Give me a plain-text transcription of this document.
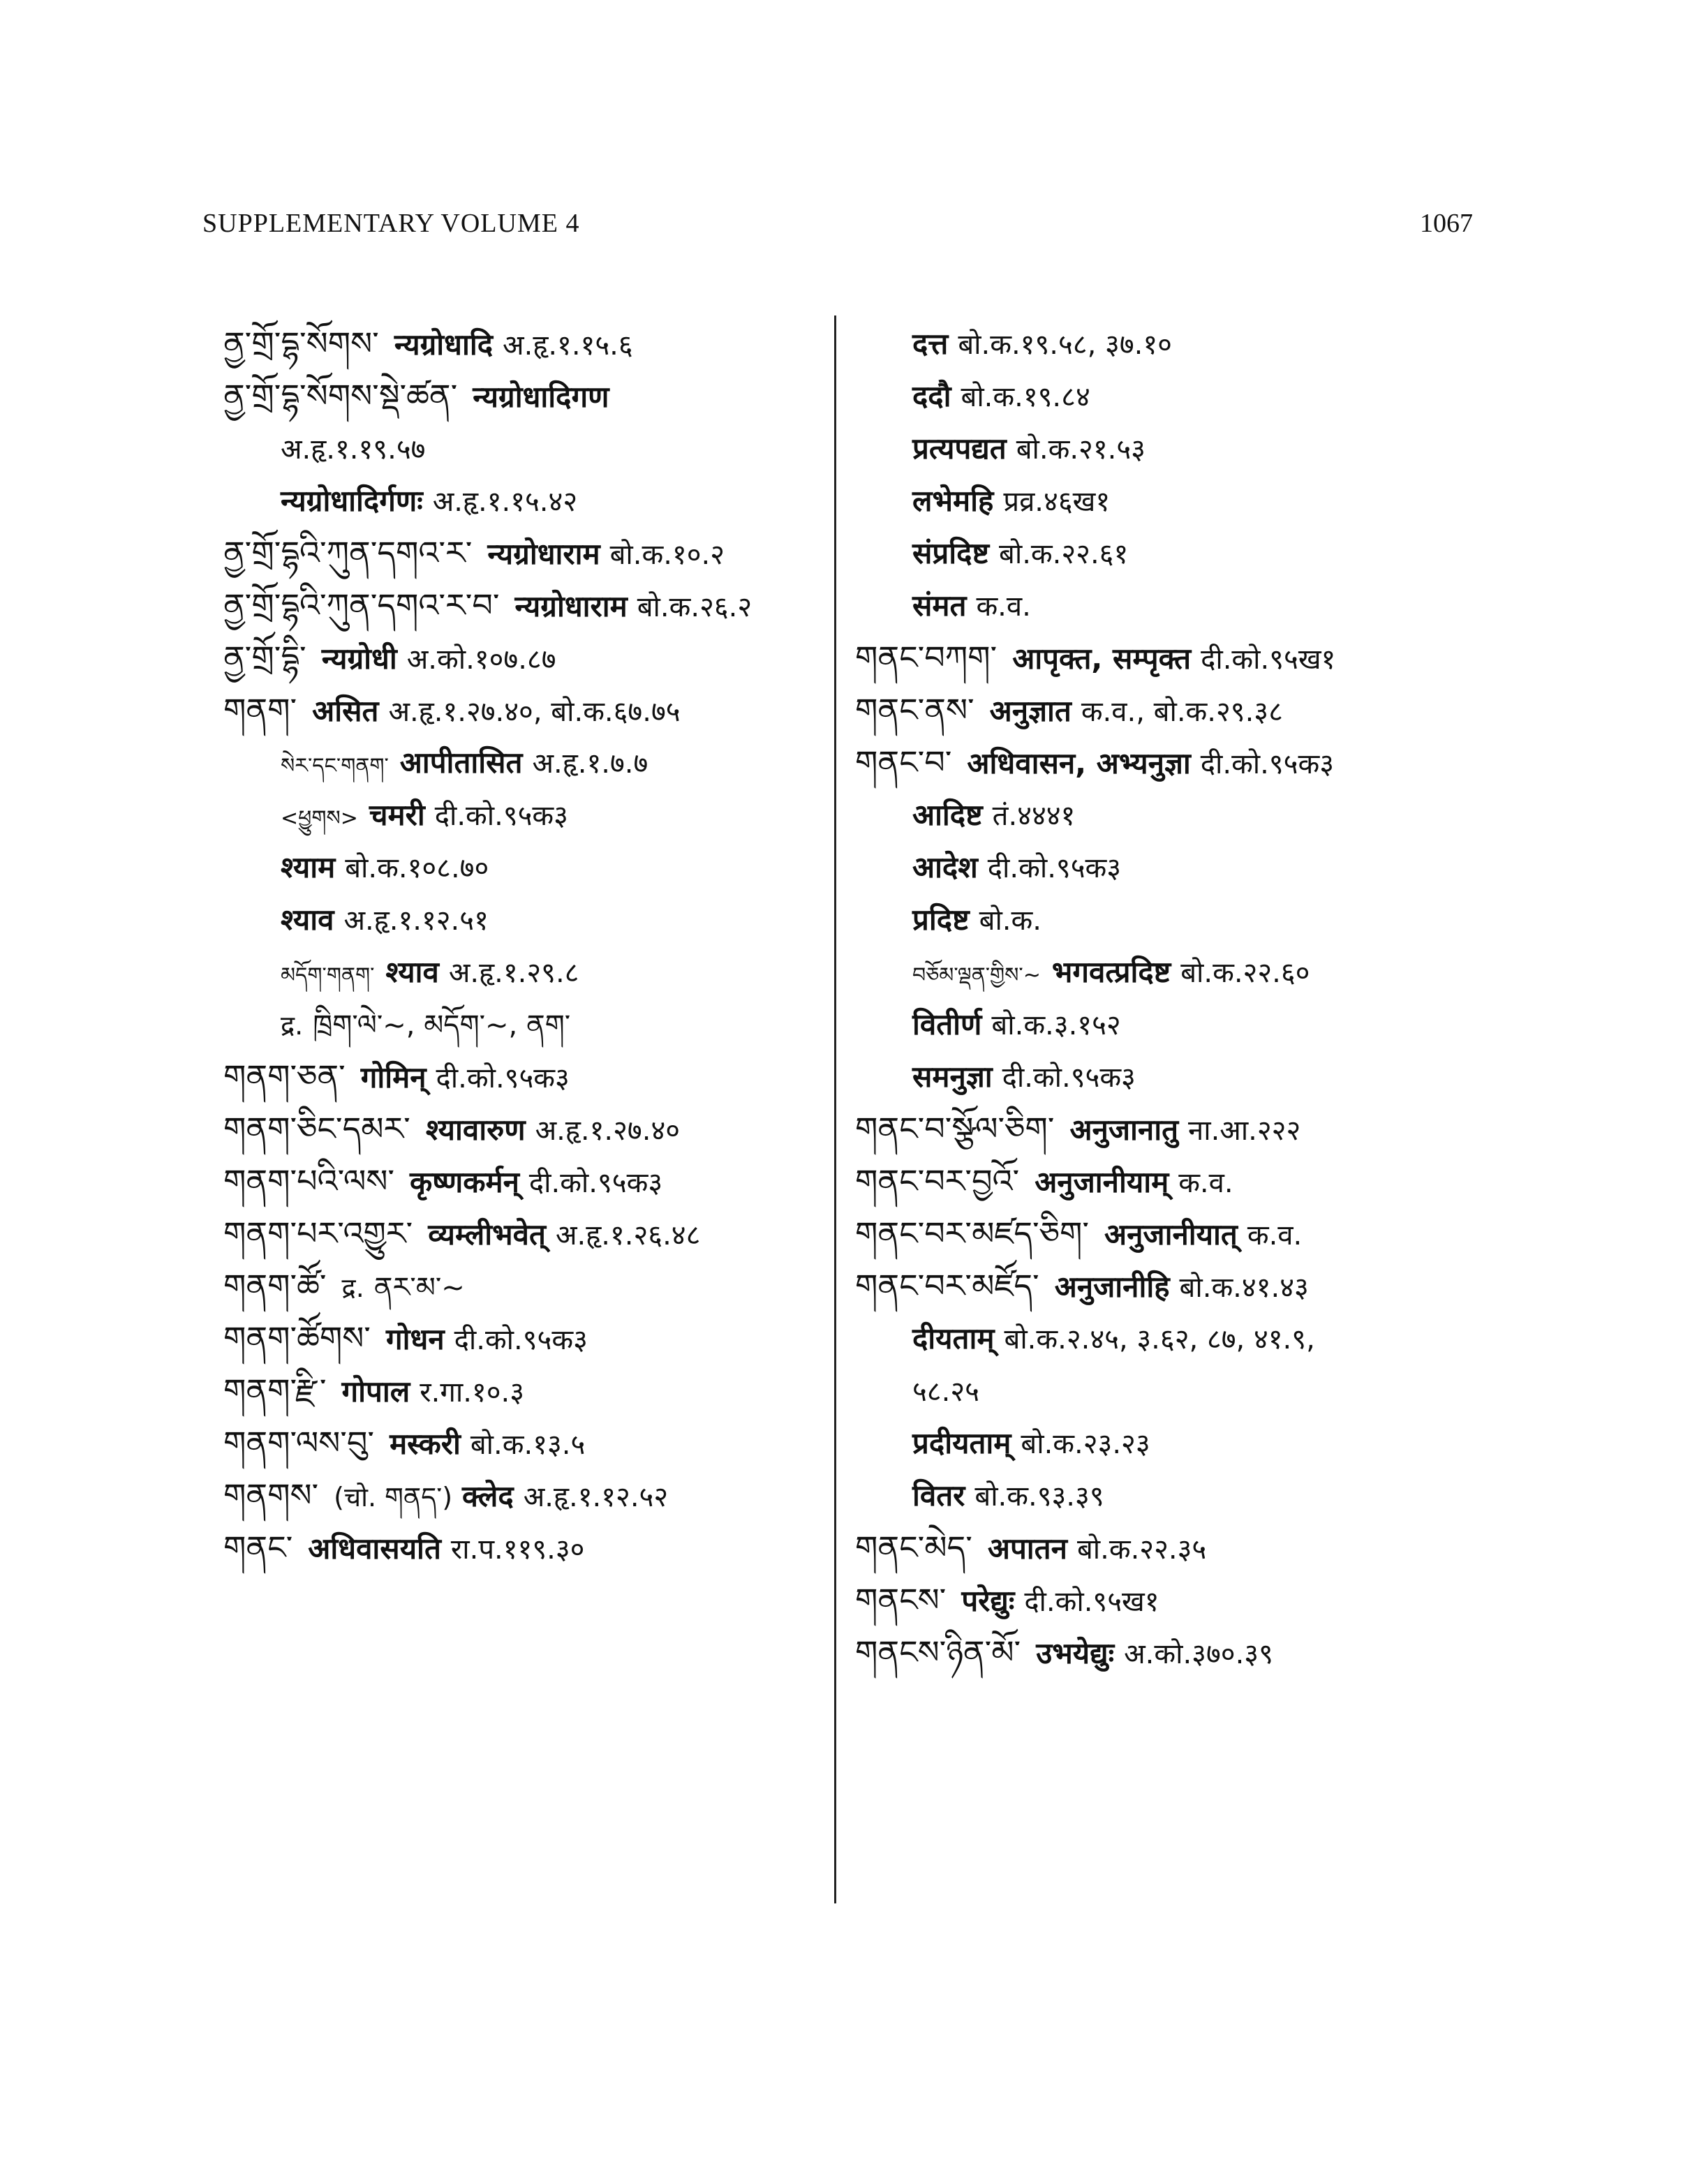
SUPPLEMENTARY VOLUME 4	1067
ནྱ་གྲོ་དྷ་སོགས་ न्यग्रोधादि अ.हृ.१.१५.६
ནྱ་གྲོ་དྷ་སོགས་སྡེ་ཚན་ न्यग्रोधादिगण
अ.हृ.१.१९.५७
न्यग्रोधादिर्गणः अ.हृ.१.१५.४२
ནྱ་གྲོ་དྷའི་ཀུན་དགའ་ར་ न्यग्रोधाराम बो.क.१०.२
ནྱ་གྲོ་དྷའི་ཀུན་དགའ་ར་བ་ न्यग्रोधाराम बो.क.२६.२
ནྱ་གྲོ་དྷི་ न्यग्रोधी अ.को.१०७.८७
གནག་ असित अ.हृ.१.२७.४०, बो.क.६७.७५
སེར་དང་གནག་ आपीतासित अ.हृ.१.७.७
<ཕྱུགས> चमरी दी.को.९५क३
श्याम बो.क.१०८.७०
श्याव अ.हृ.१.१२.५१
མདོག་གནག་ श्याव अ.हृ.१.२९.८
द्र. ཁྲིག་ལེ་~, མདོག་~, ནག་
གནག་ཅན་ गोमिन् दी.को.९५क३
གནག་ཅིང་དམར་ श्यावारुण अ.हृ.१.२७.४०
གནག་པའི་ལས་ कृष्णकर्मन् दी.को.९५क३
གནག་པར་འགྱུར་ व्यम्लीभवेत् अ.हृ.१.२६.४८
གནག་ཚོ་ द्र. ནར་མ་~
གནག་ཚོགས་ गोधन दी.को.९५क३
གནག་རྫི་ गोपाल र.गा.१०.३
གནག་ལས་བུ་ मस्करी बो.क.१३.५
གནགས་ (चो. གནད་) क्लेद अ.हृ.१.१२.५२
གནང་ अधिवासयति रा.प.११९.३०
दत्त बो.क.१९.५८, ३७.१०
ददौ बो.क.१९.८४
प्रत्यपद्यत बो.क.२१.५३
लभेमहि प्रव्र.४६ख१
संप्रदिष्ट बो.क.२२.६१
संमत क.व.
གནང་བཀག་ आपृक्त, सम्पृक्त दी.को.९५ख१
གནང་ནས་ अनुज्ञात क.व., बो.क.२९.३८
གནང་བ་ अधिवासन, अभ्यनुज्ञा दी.को.९५क३
आदिष्ट तं.४४४१
आदेश दी.को.९५क३
प्रदिष्ट बो.क.
བཅོམ་ལྡན་གྱིས་~ भगवत्प्रदिष्ट बो.क.२२.६०
वितीर्ण बो.क.३.१५२
समनुज्ञा दी.को.९५क३
གནང་བ་སྩོལ་ཅིག་ अनुजानातु ना.आ.२२२
གནང་བར་བྱའོ་ अनुजानीयाम् क.व.
གནང་བར་མཛད་ཅིག་ अनुजानीयात् क.व.
གནང་བར་མཛོད་ अनुजानीहि बो.क.४१.४३
दीयताम् बो.क.२.४५, ३.६२, ८७, ४१.९,
५८.२५
प्रदीयताम् बो.क.२३.२३
वितर बो.क.९३.३९
གནང་མེད་ अपातन बो.क.२२.३५
གནངས་ परेद्युः दी.को.९५ख१
གནངས་ཉིན་མོ་ उभयेद्युः अ.को.३७०.३९
